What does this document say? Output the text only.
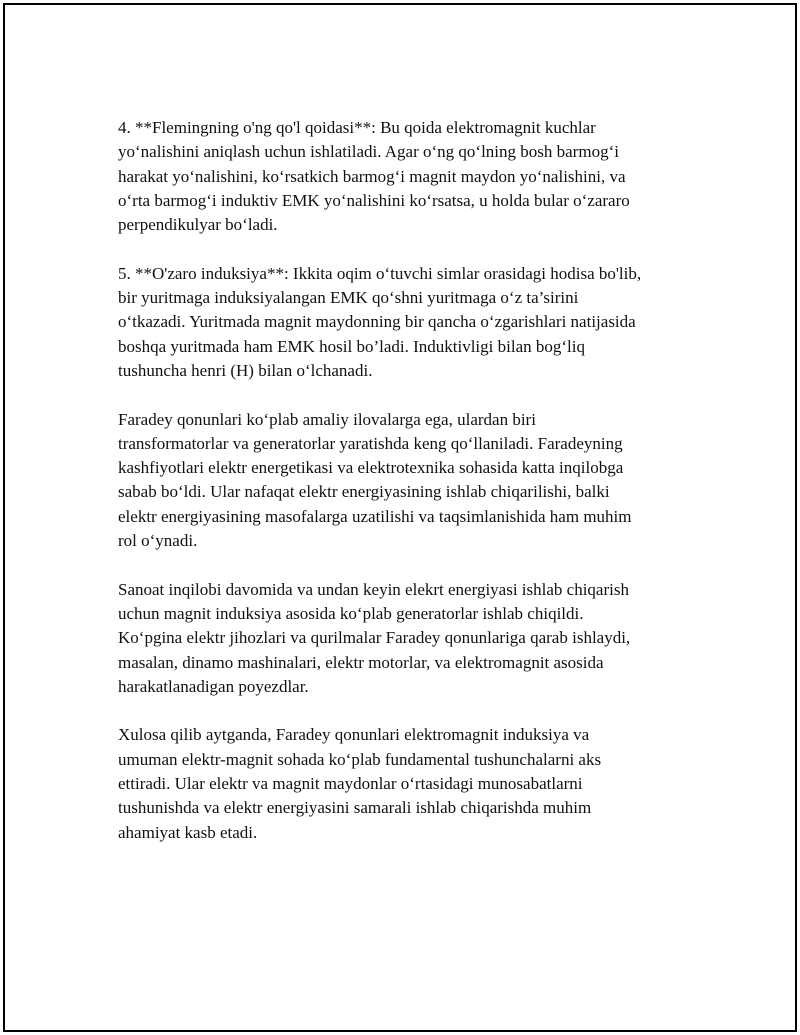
4. **Flemingning o'ng qo'l qoidasi**: Bu qoida elektromagnit kuchlar
yo‘nalishini aniqlash uchun ishlatiladi. Agar o‘ng qo‘lning bosh barmog‘i
harakat yo‘nalishini, ko‘rsatkich barmog‘i magnit maydon yo‘nalishini, va
o‘rta barmog‘i induktiv EMK yo‘nalishini ko‘rsatsa, u holda bular o‘zararo
perpendikulyar bo‘ladi.

5. **O'zaro induksiya**: Ikkita oqim o‘tuvchi simlar orasidagi hodisa bo'lib,
bir yuritmaga induksiyalangan EMK qo‘shni yuritmaga o‘z ta’sirini
o‘tkazadi. Yuritmada magnit maydonning bir qancha o‘zgarishlari natijasida
boshqa yuritmada ham EMK hosil bo’ladi. Induktivligi bilan bog‘liq
tushuncha henri (H) bilan o‘lchanadi.

Faradey qonunlari ko‘plab amaliy ilovalarga ega, ulardan biri
transformatorlar va generatorlar yaratishda keng qo‘llaniladi. Faradeyning
kashfiyotlari elektr energetikasi va elektrotexnika sohasida katta inqilobga
sabab bo‘ldi. Ular nafaqat elektr energiyasining ishlab chiqarilishi, balki
elektr energiyasining masofalarga uzatilishi va taqsimlanishida ham muhim
rol o‘ynadi.

Sanoat inqilobi davomida va undan keyin elekrt energiyasi ishlab chiqarish
uchun magnit induksiya asosida ko‘plab generatorlar ishlab chiqildi.
Ko‘pgina elektr jihozlari va qurilmalar Faradey qonunlariga qarab ishlaydi,
masalan, dinamo mashinalari, elektr motorlar, va elektromagnit asosida
harakatlanadigan poyezdlar.

Xulosa qilib aytganda, Faradey qonunlari elektromagnit induksiya va
umuman elektr-magnit sohada ko‘plab fundamental tushunchalarni aks
ettiradi. Ular elektr va magnit maydonlar o‘rtasidagi munosabatlarni
tushunishda va elektr energiyasini samarali ishlab chiqarishda muhim
ahamiyat kasb etadi.
